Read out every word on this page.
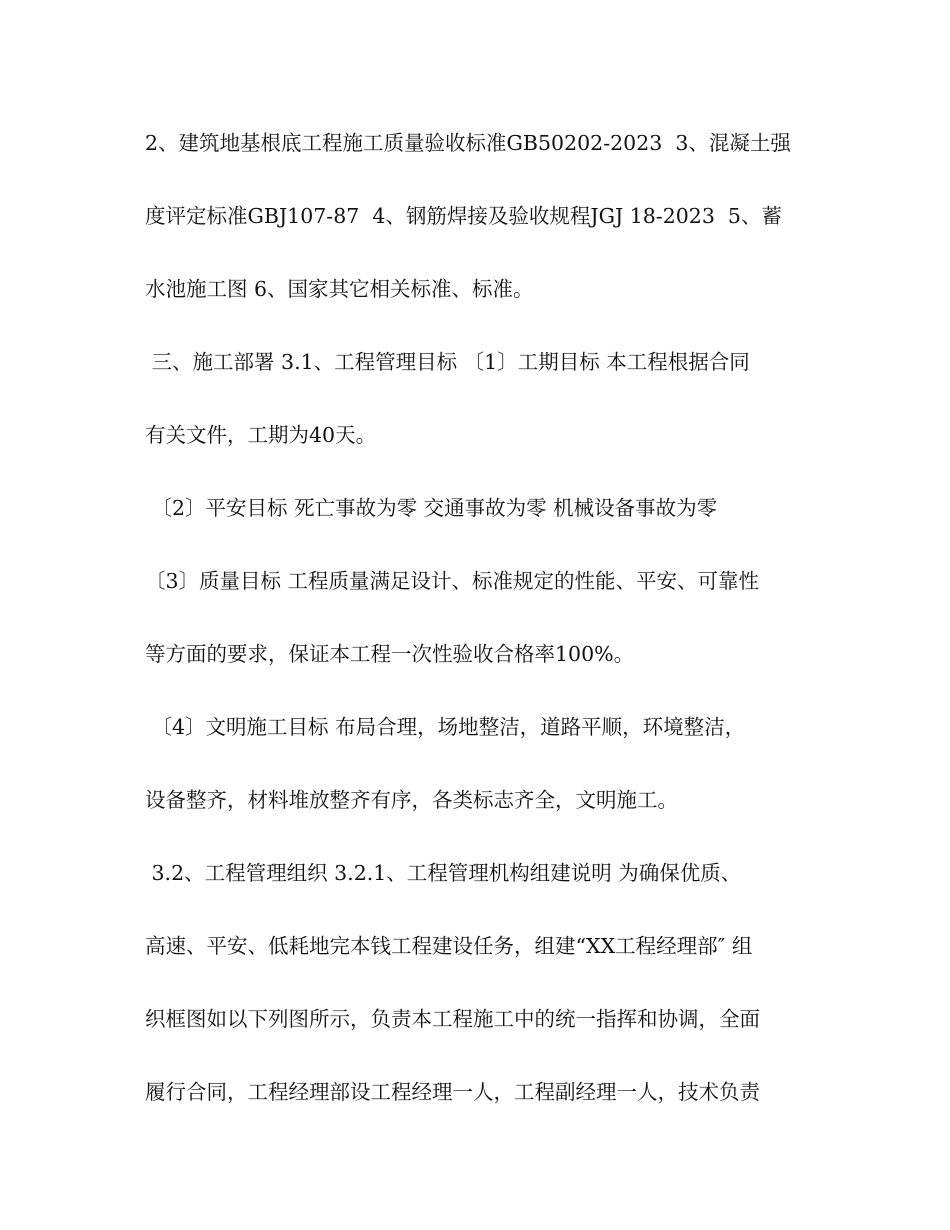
2、建筑地基根底工程施工质量验收标准GB50202-2023  3、混凝土强

度评定标准GBJ107-87  4、钢筋焊接及验收规程JGJ 18-2023  5、蓄

水池施工图 6、国家其它相关标准、标准。

三、施工部署 3.1、工程管理目标 〔1〕工期目标 本工程根据合同

有关文件，工期为40天。

〔2〕平安目标 死亡事故为零 交通事故为零 机械设备事故为零

〔3〕质量目标 工程质量满足设计、标准规定的性能、平安、可靠性

等方面的要求，保证本工程一次性验收合格率100%。

〔4〕文明施工目标 布局合理，场地整洁，道路平顺，环境整洁，

设备整齐，材料堆放整齐有序，各类标志齐全，文明施工。

3.2、工程管理组织 3.2.1、工程管理机构组建说明 为确保优质、

高速、平安、低耗地完本钱工程建设任务，组建“XX工程经理部″ 组

织框图如以下列图所示，负责本工程施工中的统一指挥和协调，全面

履行合同，工程经理部设工程经理一人，工程副经理一人，技术负责
